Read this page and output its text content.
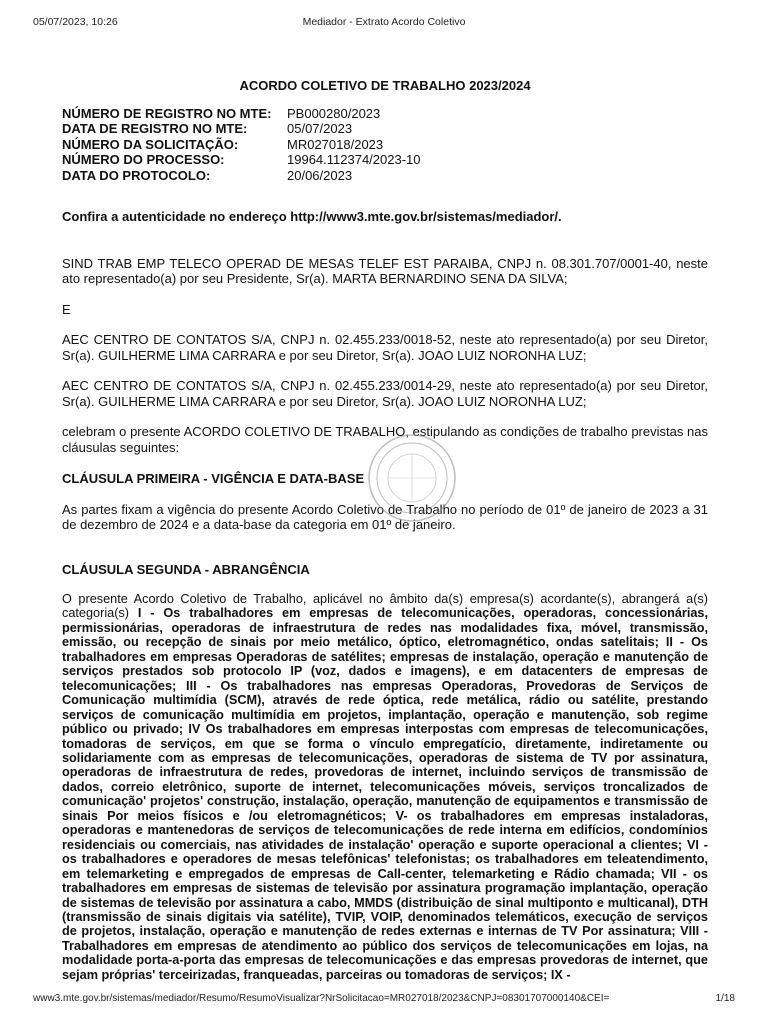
05/07/2023, 10:26	Mediador - Extrato Acordo Coletivo
ACORDO COLETIVO DE TRABALHO 2023/2024
NÚMERO DE REGISTRO NO MTE:	PB000280/2023
DATA DE REGISTRO NO MTE:	05/07/2023
NÚMERO DA SOLICITAÇÃO:	MR027018/2023
NÚMERO DO PROCESSO:	19964.112374/2023-10
DATA DO PROTOCOLO:	20/06/2023
Confira a autenticidade no endereço http://www3.mte.gov.br/sistemas/mediador/.

SIND TRAB EMP TELECO OPERAD DE MESAS TELEF EST PARAIBA, CNPJ n. 08.301.707/0001-40, neste ato representado(a) por seu Presidente, Sr(a). MARTA BERNARDINO SENA DA SILVA;

E

AEC CENTRO DE CONTATOS S/A, CNPJ n. 02.455.233/0018-52, neste ato representado(a) por seu Diretor, Sr(a). GUILHERME LIMA CARRARA e por seu Diretor, Sr(a). JOAO LUIZ NORONHA LUZ;

AEC CENTRO DE CONTATOS S/A, CNPJ n. 02.455.233/0014-29, neste ato representado(a) por seu Diretor, Sr(a). GUILHERME LIMA CARRARA e por seu Diretor, Sr(a). JOAO LUIZ NORONHA LUZ;

celebram o presente ACORDO COLETIVO DE TRABALHO, estipulando as condições de trabalho previstas nas cláusulas seguintes:

CLÁUSULA PRIMEIRA - VIGÊNCIA E DATA-BASE

As partes fixam a vigência do presente Acordo Coletivo de Trabalho no período de 01º de janeiro de 2023 a 31 de dezembro de 2024 e a data-base da categoria em 01º de janeiro.

CLÁUSULA SEGUNDA - ABRANGÊNCIA

O presente Acordo Coletivo de Trabalho, aplicável no âmbito da(s) empresa(s) acordante(s), abrangerá a(s) categoria(s) I - Os trabalhadores em empresas de telecomunicações, operadoras, concessionárias, permissionárias, operadoras de infraestrutura de redes nas modalidades fixa, móvel, transmissão, emissão, ou recepção de sinais por meio metálico, óptico, eletromagnético, ondas satelitais; II - Os trabalhadores em empresas Operadoras de satélites; empresas de instalação, operação e manutenção de serviços prestados sob protocolo IP (voz, dados e imagens), e em datacenters de empresas de telecomunicações; III - Os trabalhadores nas empresas Operadoras, Provedoras de Serviços de Comunicação multimídia (SCM), através de rede óptica, rede metálica, rádio ou satélite, prestando serviços de comunicação multimídia em projetos, implantação, operação e manutenção, sob regime público ou privado; IV Os trabalhadores em empresas interpostas com empresas de telecomunicações, tomadoras de serviços, em que se forma o vínculo empregatício, diretamente, indiretamente ou solidariamente com as empresas de telecomunicações, operadoras de sistema de TV por assinatura, operadoras de infraestrutura de redes, provedoras de internet, incluindo serviços de transmissão de dados, correio eletrônico, suporte de internet, telecomunicações móveis, serviços troncalizados de comunicação' projetos' construção, instalação, operação, manutenção de equipamentos e transmissão de sinais Por meios físicos e /ou eletromagnéticos; V- os trabalhadores em empresas instaladoras, operadoras e mantenedoras de serviços de telecomunicações de rede interna em edifícios, condomínios residenciais ou comerciais, nas atividades de instalação' operação e suporte operacional a clientes; VI - os trabalhadores e operadores de mesas telefônicas' telefonistas; os trabalhadores em teleatendimento, em telemarketing e empregados de empresas de Call-center, telemarketing e Rádio chamada; VII - os trabalhadores em empresas de sistemas de televisão por assinatura programação implantação, operação de sistemas de televisão por assinatura a cabo, MMDS (distribuição de sinal multiponto e multicanal), DTH (transmissão de sinais digitais via satélite), TVIP, VOIP, denominados telemáticos, execução de serviços de projetos, instalação, operação e manutenção de redes externas e internas de TV Por assinatura; VIII - Trabalhadores em empresas de atendimento ao público dos serviços de telecomunicações em lojas, na modalidade porta-a-porta das empresas de telecomunicações e das empresas provedoras de internet, que sejam próprias' terceirizadas, franqueadas, parceiras ou tomadoras de serviços; IX -

www3.mte.gov.br/sistemas/mediador/Resumo/ResumoVisualizar?NrSolicitacao=MR027018/2023&CNPJ=08301707000140&CEI=	1/18
